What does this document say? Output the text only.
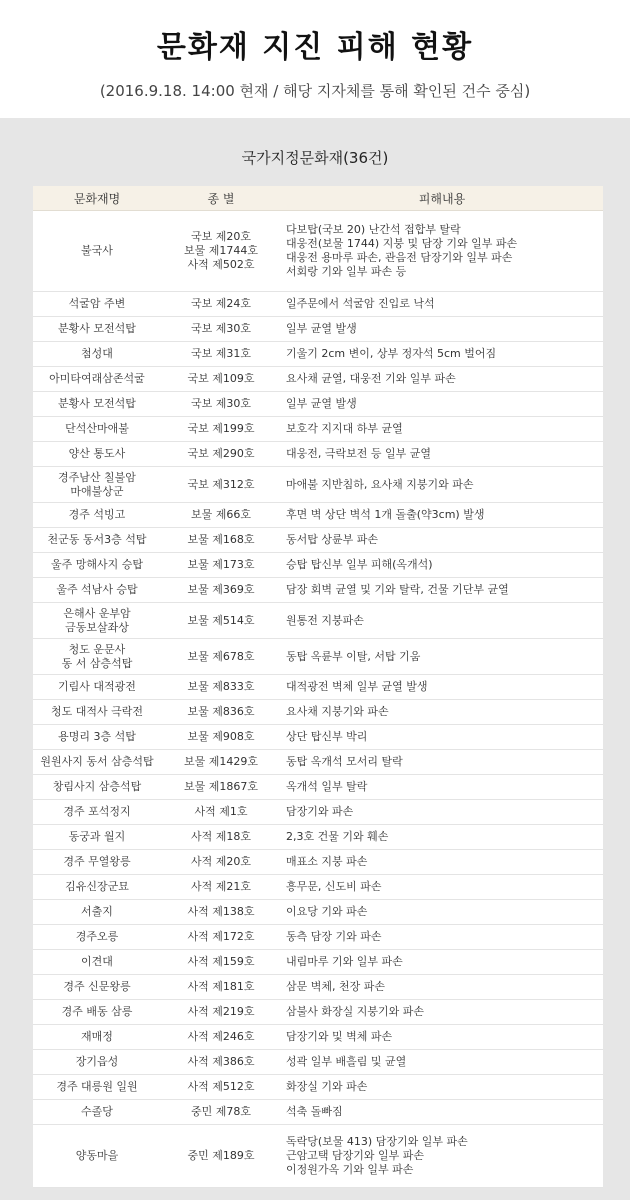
문화재 지진 피해 현황
(2016.9.18. 14:00 현재 / 해당 지자체를 통해 확인된 건수 중심)
국가지정문화재(36건)
문화재명	종 별	피해내용

불국사	국보 제20호
보물 제1744호
사적 제502호	다보탑(국보 20) 난간석 접합부 탈락
대웅전(보물 1744) 지붕 및 담장 기와 일부 파손
대웅전 용마루 파손, 관음전 담장기와 일부 파손
서회랑 기와 일부 파손 등

석굴암 주변	국보 제24호	일주문에서 석굴암 진입로 낙석

분황사 모전석탑	국보 제30호	일부 균열 발생

첨성대	국보 제31호	기울기 2cm 변이, 상부 정자석 5cm 벌어짐

아미타여래삼존석굴	국보 제109호	요사채 균열, 대웅전 기와 일부 파손

분황사 모전석탑	국보 제30호	일부 균열 발생

단석산마애불	국보 제199호	보호각 지지대 하부 균열

양산 통도사	국보 제290호	대웅전, 극락보전 등 일부 균열

경주남산 칠불암
마애불상군	국보 제312호	마애불 지반침하, 요사채 지붕기와 파손

경주 석빙고	보물 제66호	후면 벽 상단 벽석 1개 돌출(약3cm) 발생

천군동 동서3층 석탑	보물 제168호	동서탑 상륜부 파손

울주 망해사지 승탑	보물 제173호	승탑 탑신부 일부 피해(옥개석)

울주 석남사 승탑	보물 제369호	담장 회벽 균열 및 기와 탈락, 건물 기단부 균열

은해사 운부암
금동보살좌상	보물 제514호	원통전 지붕파손

청도 운문사
동 서 삼층석탑	보물 제678호	동탑 옥륜부 이탈, 서탑 기움

기림사 대적광전	보물 제833호	대적광전 벽체 일부 균열 발생

청도 대적사 극락전	보물 제836호	요사채 지붕기와 파손

용명리 3층 석탑	보물 제908호	상단 탑신부 박리

원원사지 동서 삼층석탑	보물 제1429호	동탑 옥개석 모서리 탈락

창림사지 삼층석탑	보물 제1867호	옥개석 일부 탈락

경주 포석정지	사적 제1호	담장기와 파손

동궁과 월지	사적 제18호	2,3호 건물 기와 훼손

경주 무열왕릉	사적 제20호	매표소 지붕 파손

김유신장군묘	사적 제21호	흥무문, 신도비 파손

서출지	사적 제138호	이요당 기와 파손

경주오릉	사적 제172호	동측 담장 기와 파손

이견대	사적 제159호	내림마루 기와 일부 파손

경주 신문왕릉	사적 제181호	삼문 벽체, 천장 파손

경주 배동 삼릉	사적 제219호	삼불사 화장실 지붕기와 파손

재매정	사적 제246호	담장기와 및 벽체 파손

장기읍성	사적 제386호	성곽 일부 배흘림 및 균열

경주 대릉원 일원	사적 제512호	화장실 기와 파손

수졸당	중민 제78호	석축 돌빠짐

양동마을	중민 제189호	독락당(보물 413) 담장기와 일부 파손
근암고택 담장기와 일부 파손
이정원가옥 기와 일부 파손
